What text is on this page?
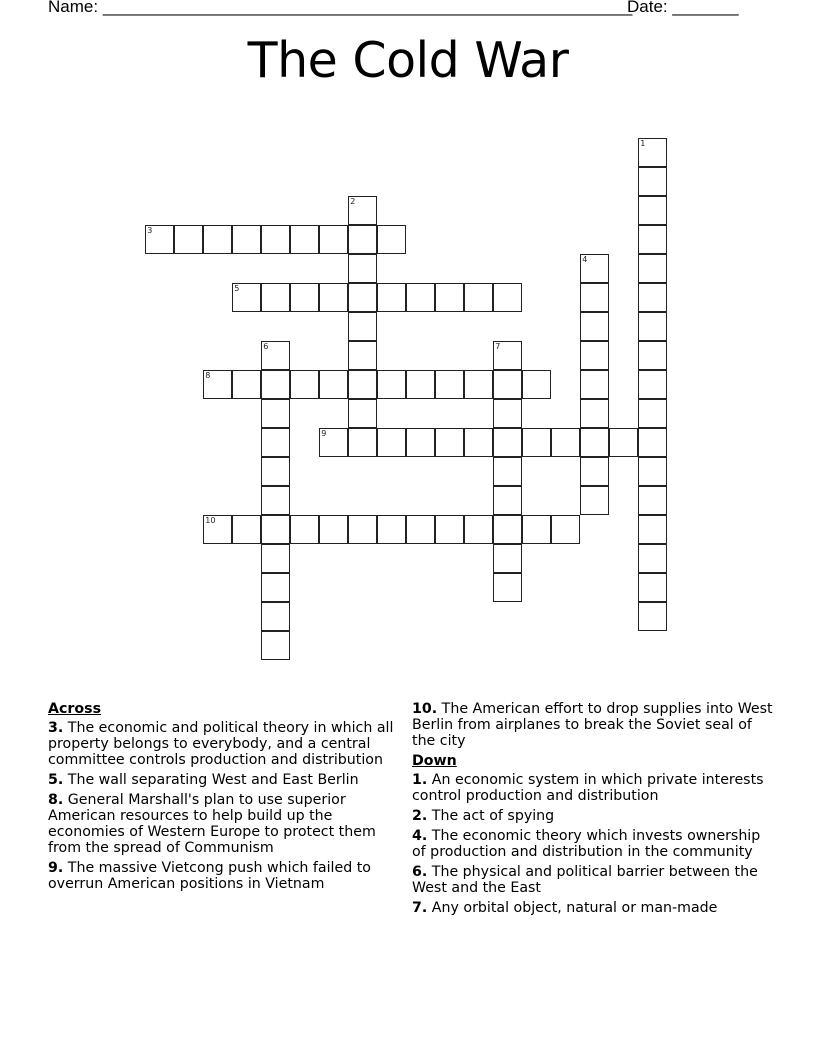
Name: ________________________________________________________
Date: _______
The Cold War
1
2
3
4
5
6	7
8
9
10
Across
3. The economic and political theory in which all property belongs to everybody, and a central committee controls production and distribution
5. The wall separating West and East Berlin
8. General Marshall's plan to use superior American resources to help build up the economies of Western Europe to protect them from the spread of Communism
9. The massive Vietcong push which failed to overrun American positions in Vietnam
10. The American effort to drop supplies into West Berlin from airplanes to break the Soviet seal of the city
Down
1. An economic system in which private interests control production and distribution
2. The act of spying
4. The economic theory which invests ownership of production and distribution in the community
6. The physical and political barrier between the West and the East
7. Any orbital object, natural or man-made
